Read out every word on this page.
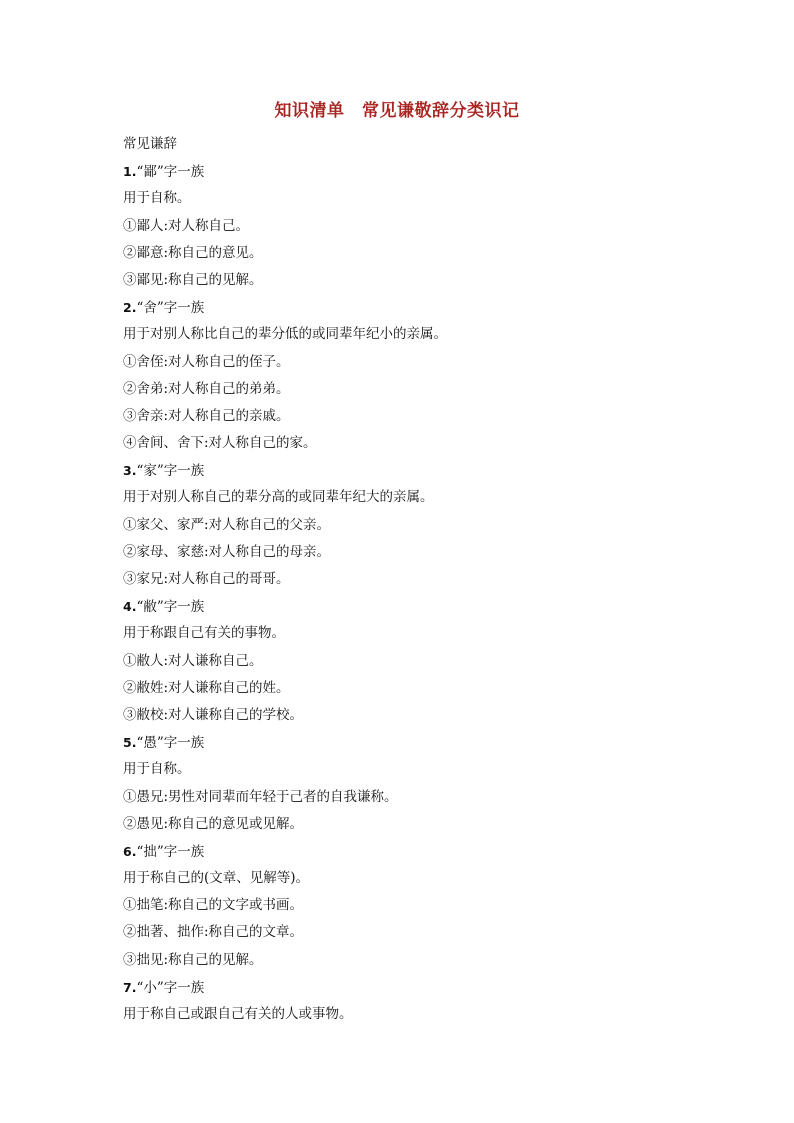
知识清单　常见谦敬辞分类识记
常见谦辞
1.“鄙”字一族
用于自称。
①鄙人:对人称自己。
②鄙意:称自己的意见。
③鄙见:称自己的见解。
2.“舍”字一族
用于对别人称比自己的辈分低的或同辈年纪小的亲属。
①舍侄:对人称自己的侄子。
②舍弟:对人称自己的弟弟。
③舍亲:对人称自己的亲戚。
④舍间、舍下:对人称自己的家。
3.“家”字一族
用于对别人称自己的辈分高的或同辈年纪大的亲属。
①家父、家严:对人称自己的父亲。
②家母、家慈:对人称自己的母亲。
③家兄:对人称自己的哥哥。
4.“敝”字一族
用于称跟自己有关的事物。
①敝人:对人谦称自己。
②敝姓:对人谦称自己的姓。
③敝校:对人谦称自己的学校。
5.“愚”字一族
用于自称。
①愚兄:男性对同辈而年轻于己者的自我谦称。
②愚见:称自己的意见或见解。
6.“拙”字一族
用于称自己的(文章、见解等)。
①拙笔:称自己的文字或书画。
②拙著、拙作:称自己的文章。
③拙见:称自己的见解。
7.“小”字一族
用于称自己或跟自己有关的人或事物。
